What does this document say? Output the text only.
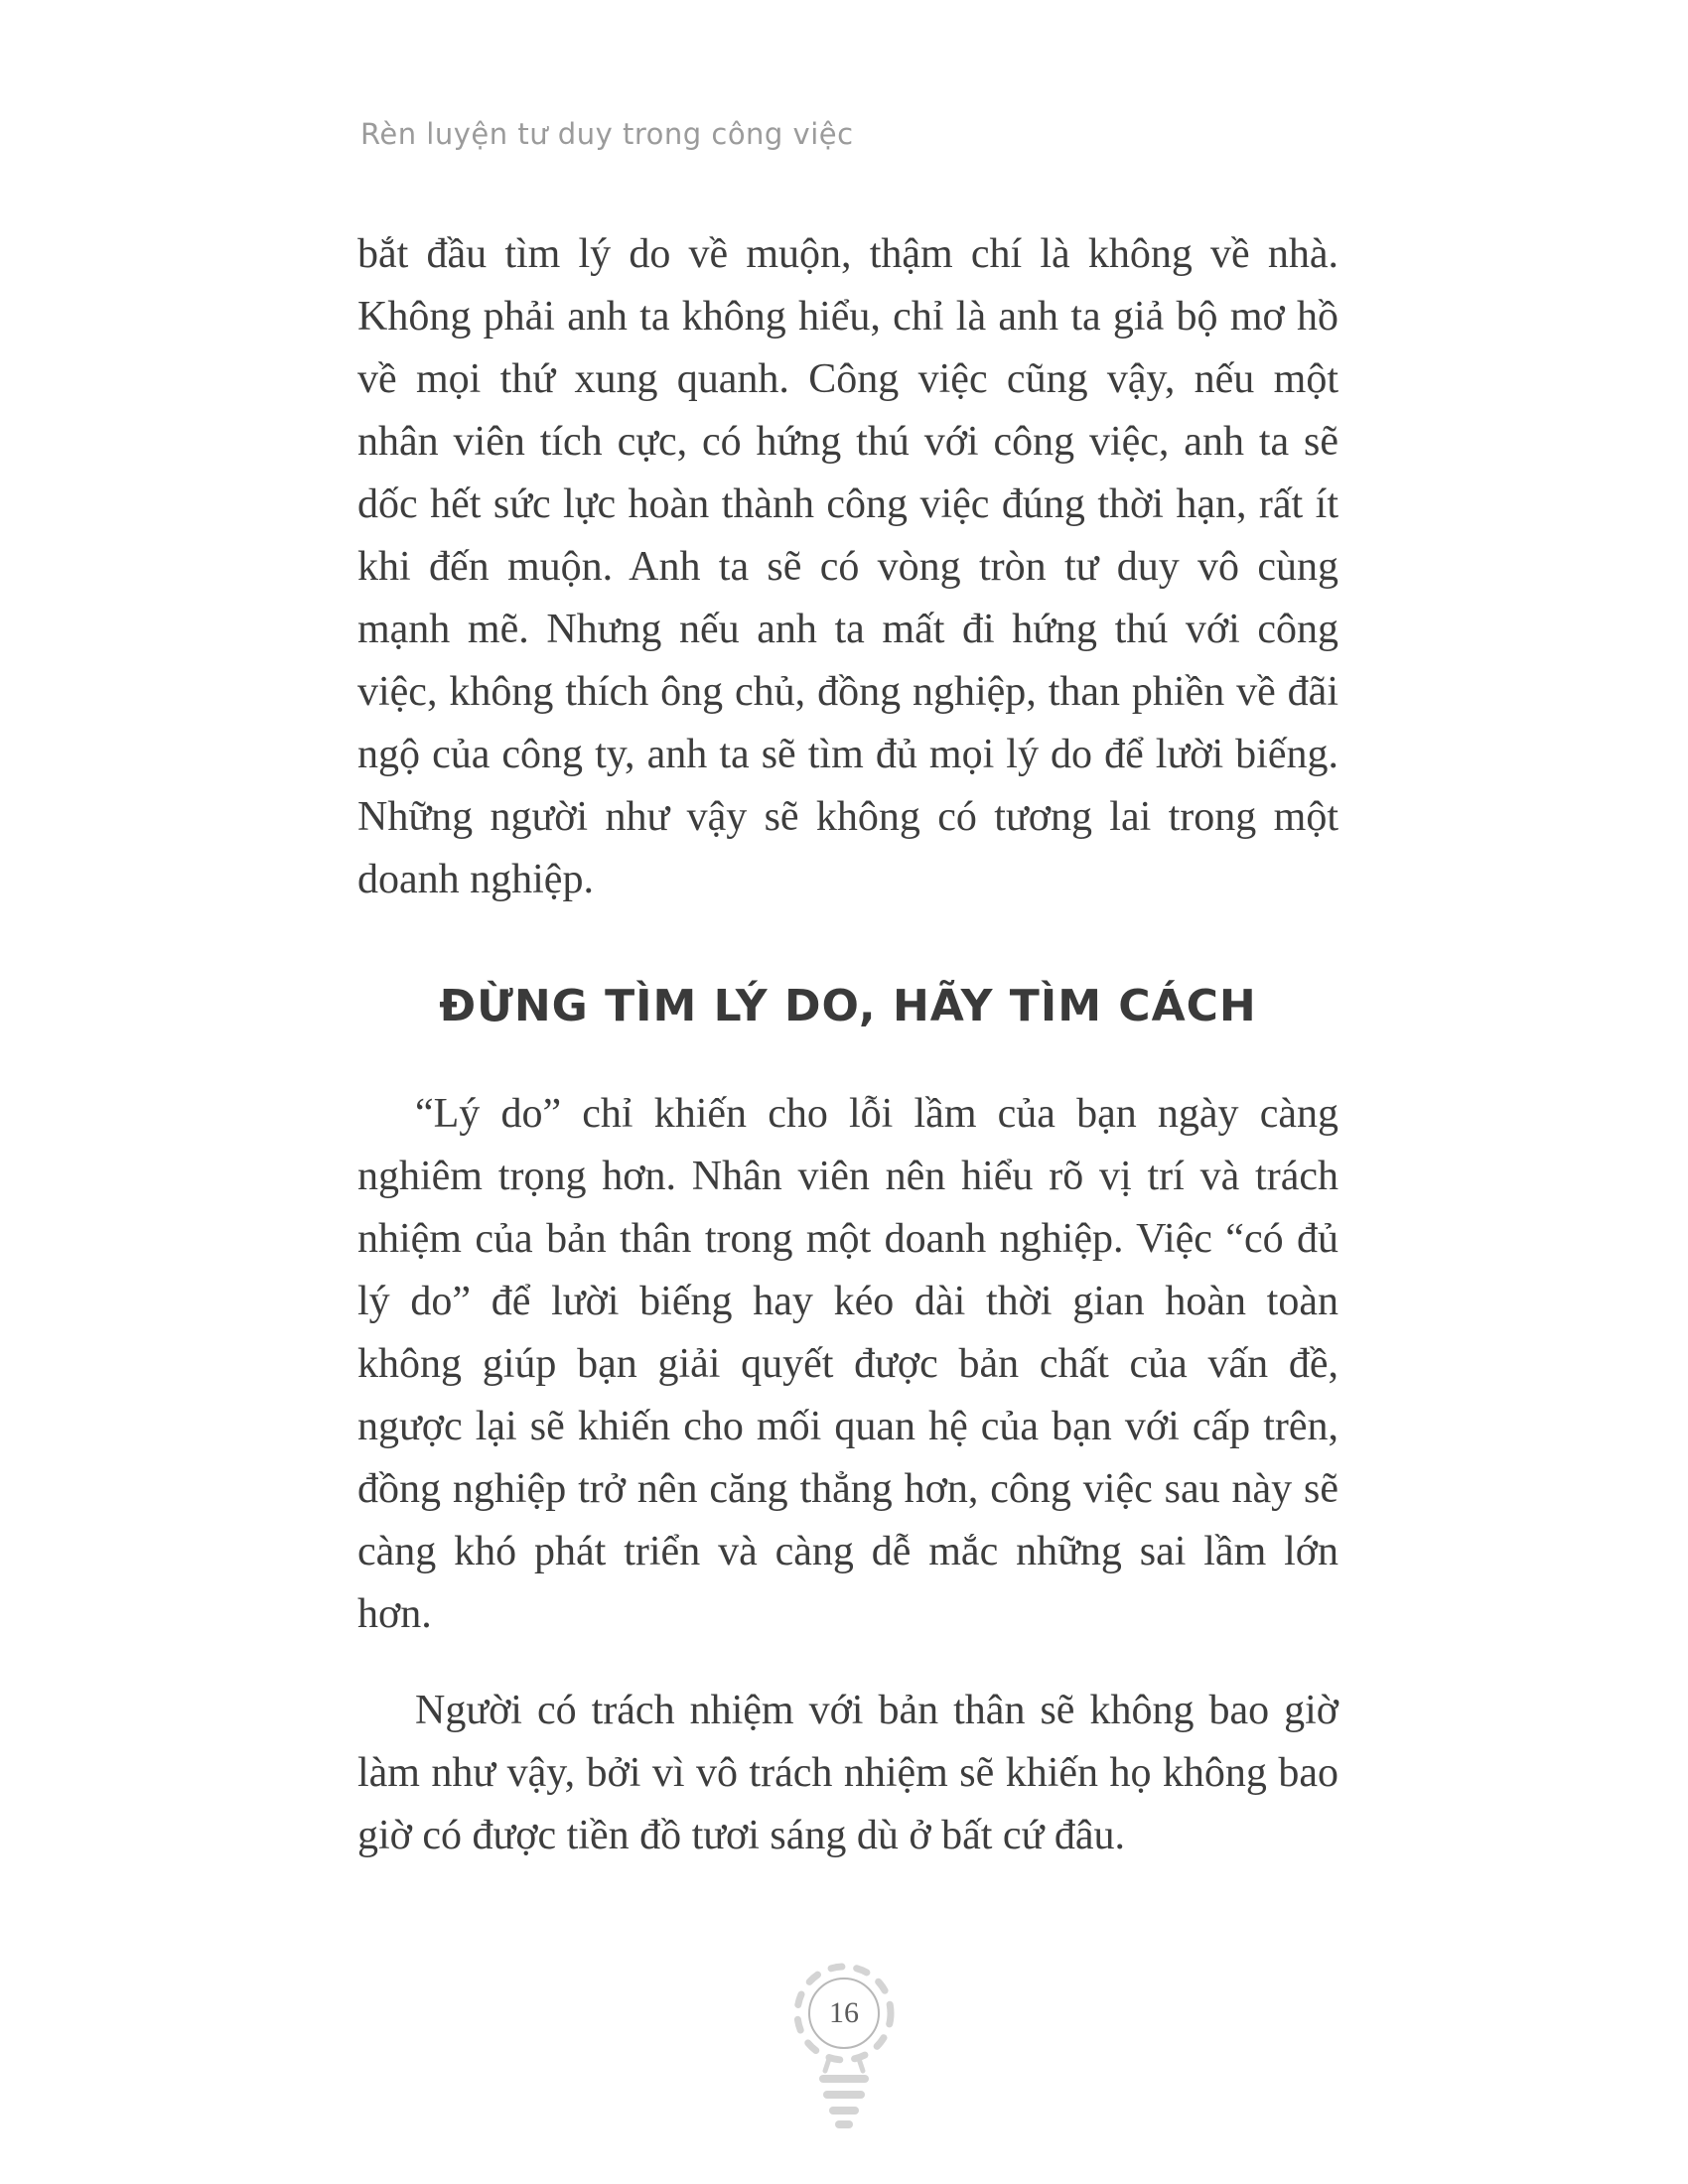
Rèn luyện tư duy trong công việc

bắt đầu tìm lý do về muộn, thậm chí là không về nhà. Không phải anh ta không hiểu, chỉ là anh ta giả bộ mơ hồ về mọi thứ xung quanh. Công việc cũng vậy, nếu một nhân viên tích cực, có hứng thú với công việc, anh ta sẽ dốc hết sức lực hoàn thành công việc đúng thời hạn, rất ít khi đến muộn. Anh ta sẽ có vòng tròn tư duy vô cùng mạnh mẽ. Nhưng nếu anh ta mất đi hứng thú với công việc, không thích ông chủ, đồng nghiệp, than phiền về đãi ngộ của công ty, anh ta sẽ tìm đủ mọi lý do để lười biếng. Những người như vậy sẽ không có tương lai trong một doanh nghiệp.

ĐỪNG TÌM LÝ DO, HÃY TÌM CÁCH

“Lý do” chỉ khiến cho lỗi lầm của bạn ngày càng nghiêm trọng hơn. Nhân viên nên hiểu rõ vị trí và trách nhiệm của bản thân trong một doanh nghiệp. Việc “có đủ lý do” để lười biếng hay kéo dài thời gian hoàn toàn không giúp bạn giải quyết được bản chất của vấn đề, ngược lại sẽ khiến cho mối quan hệ của bạn với cấp trên, đồng nghiệp trở nên căng thẳng hơn, công việc sau này sẽ càng khó phát triển và càng dễ mắc những sai lầm lớn hơn.

Người có trách nhiệm với bản thân sẽ không bao giờ làm như vậy, bởi vì vô trách nhiệm sẽ khiến họ không bao giờ có được tiền đồ tươi sáng dù ở bất cứ đâu.

16
